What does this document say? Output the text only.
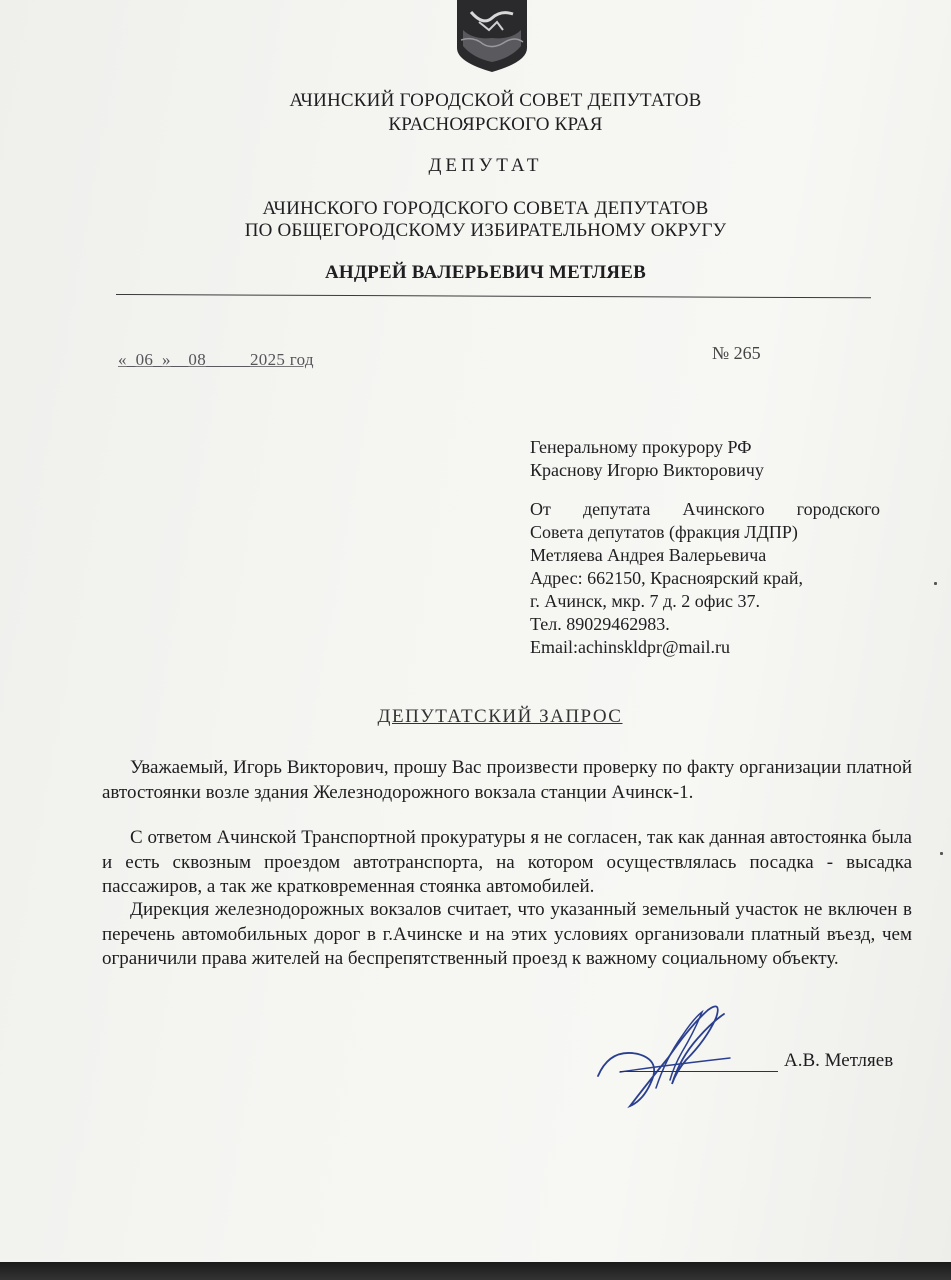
АЧИНСКИЙ ГОРОДСКОЙ СОВЕТ ДЕПУТАТОВ
КРАСНОЯРСКОГО КРАЯ
ДЕПУТАТ
АЧИНСКОГО ГОРОДСКОГО СОВЕТА ДЕПУТАТОВ
ПО ОБЩЕГОРОДСКОМУ ИЗБИРАТЕЛЬНОМУ ОКРУГУ
АНДРЕЙ ВАЛЕРЬЕВИЧ МЕТЛЯЕВ
«_06_»__08_____2025 год	№ 265
Генеральному прокурору РФ
Краснову Игорю Викторовичу
От депутата Ачинского городского
Совета депутатов (фракция ЛДПР)
Метляева Андрея Валерьевича
Адрес: 662150, Красноярский край,
г. Ачинск, мкр. 7 д. 2 офис 37.
Тел. 89029462983.
Email:achinskldpr@mail.ru
ДЕПУТАТСКИЙ ЗАПРОС

Уважаемый, Игорь Викторович, прошу Вас произвести проверку по факту организации платной автостоянки возле здания Железнодорожного вокзала станции Ачинск-1.

С ответом Ачинской Транспортной прокуратуры я не согласен, так как данная автостоянка была и есть сквозным проездом автотранспорта, на котором осуществлялась посадка - высадка пассажиров, а так же кратковременная стоянка автомобилей.

Дирекция железнодорожных вокзалов считает, что указанный земельный участок не включен в перечень автомобильных дорог в г.Ачинске и на этих условиях организовали платный въезд, чем ограничили права жителей на беспрепятственный проезд к важному социальному объекту.

А.В. Метляев
